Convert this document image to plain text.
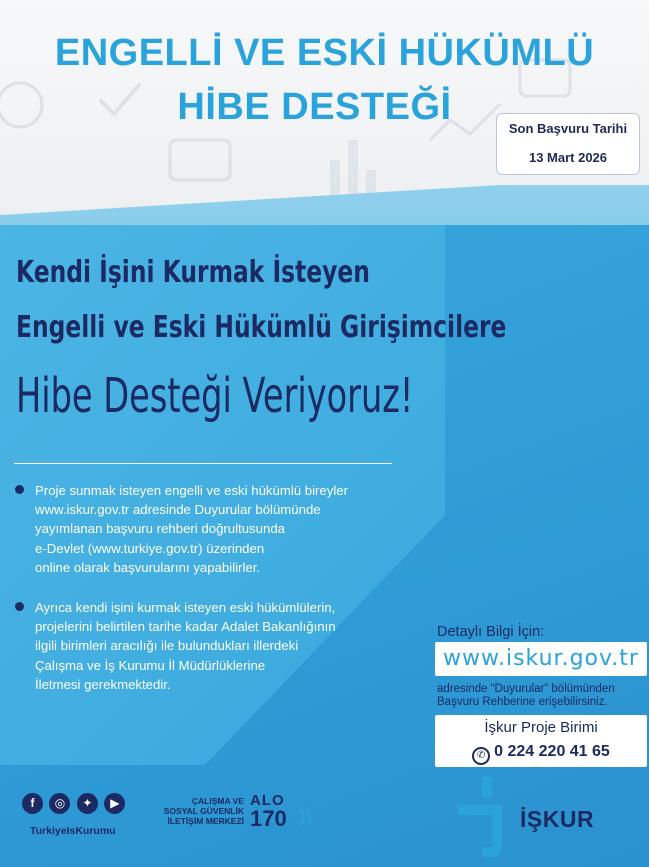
ENGELLİ VE ESKİ HÜKÜMLÜ
HİBE DESTEĞİ
Son Başvuru Tarihi
13 Mart 2026
Kendi İşini Kurmak İsteyen
Engelli ve Eski Hükümlü Girişimcilere
Hibe Desteği Veriyoruz!
Proje sunmak isteyen engelli ve eski hükümlü bireyler
www.iskur.gov.tr adresinde Duyurular bölümünde
yayımlanan başvuru rehberi doğrultusunda
e-Devlet (www.turkiye.gov.tr) üzerinden
online olarak başvurularını yapabilirler.
Ayrıca kendi işini kurmak isteyen eski hükümlülerin,
projelerini belirtilen tarihe kadar Adalet Bakanlığının
ilgili birimleri aracılığı ile bulundukları illerdeki
Çalışma ve İş Kurumu İl Müdürlüklerine
İletmesi gerekmektedir.
Detaylı Bilgi İçin:
www.iskur.gov.tr
adresinde “Duyurular” bölümünden
Başvuru Rehberine erişebilirsiniz.
İşkur Proje Birimi
✆ 0 224 220 41 65
f ◎ ✦ ▶
TurkiyeIsKurumu
ÇALIŞMA VE
SOSYAL GÜVENLİK
İLETİŞİM MERKEZİ
ALO
170	İŞKUR
